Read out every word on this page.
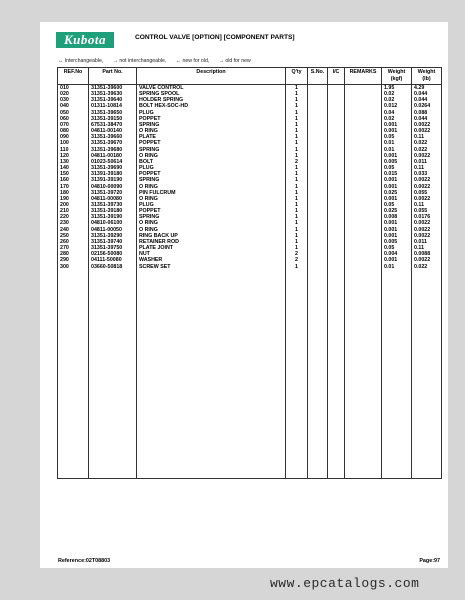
Kubota	CONTROL VALVE [OPTION] [COMPONENT PARTS]
↔ Interchangeable, → not interchangeable, ← new for old, → old for new
REF.No	Part No.	Description	Q'ty	S.No.	I/C	REMARKS	Weight (kgf)	Weight (lb)
010	31351-39600	VALVE CONTROL	1				1.95	4.29
020	31351-39630	SPRING SPOOL	1				0.02	0.044
030	31351-39640	HOLDER SPRING	1				0.02	0.044
040	01311-10814	BOLT HEX-SOC-HD	1				0.012	0.0264
050	31351-39650	PLUG	1				0.04	0.088
060	31351-39150	POPPET	1				0.02	0.044
070	67531-38470	SPRING	1				0.001	0.0022
080	04811-00140	O RING	1				0.001	0.0022
090	31351-39660	PLATE	1				0.05	0.11
100	31351-39670	POPPET	1				0.01	0.022
110	31351-39680	SPRING	1				0.01	0.022
120	04811-00180	O RING	1				0.001	0.0022
130	01023-50614	BOLT	2				0.005	0.011
140	31351-39690	PLUG	1				0.05	0.11
150	31391-39180	POPPET	1				0.015	0.033
160	31391-39190	SPRING	1				0.001	0.0022
170	04810-00090	O RING	1				0.001	0.0022
180	31351-39720	PIN FULCRUM	1				0.025	0.055
190	04811-00080	O RING	1				0.001	0.0022
200	31351-39730	PLUG	1				0.05	0.11
210	31351-39180	POPPET	1				0.025	0.055
220	31351-39190	SPRING	1				0.008	0.0176
230	04810-06100	O RING	1				0.001	0.0022
240	04811-00050	O RING	1				0.001	0.0022
250	31351-39290	RING BACK UP	1				0.001	0.0022
260	31351-39740	RETAINER ROD	1				0.005	0.011
270	31351-39750	PLATE JOINT	1				0.05	0.11
280	02156-50080	NUT	2				0.004	0.0088
290	04111-50080	WASHER	2				0.001	0.0022
300	03660-50818	SCREW SET	1				0.01	0.022

Reference:02T08803	Page:97
www.epcatalogs.com
